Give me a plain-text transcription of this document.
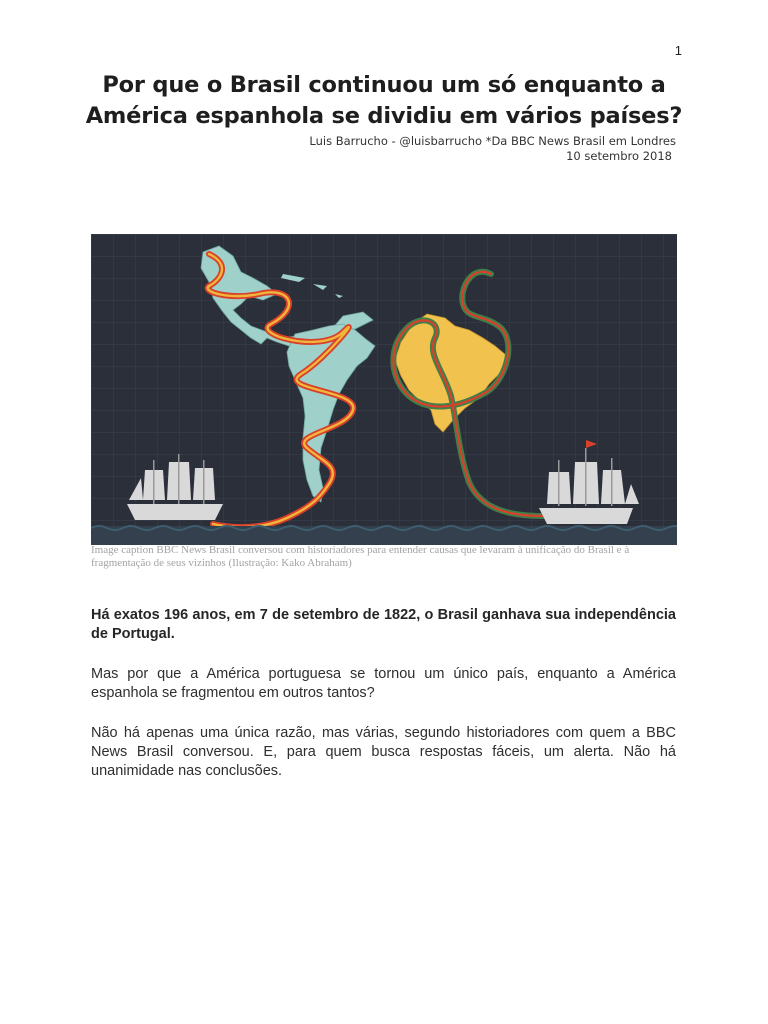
1
Por que o Brasil continuou um só enquanto a
América espanhola se dividiu em vários países?
Luis Barrucho - @luisbarrucho *Da BBC News Brasil em Londres
10 setembro 2018
Image caption BBC News Brasil conversou com historiadores para entender causas que levaram à unificação do Brasil e à fragmentação de seus vizinhos (Ilustração: Kako Abraham)

Há exatos 196 anos, em 7 de setembro de 1822, o Brasil ganhava sua independência de Portugal.

Mas por que a América portuguesa se tornou um único país, enquanto a América espanhola se fragmentou em outros tantos?

Não há apenas uma única razão, mas várias, segundo historiadores com quem a BBC News Brasil conversou. E, para quem busca respostas fáceis, um alerta. Não há unanimidade nas conclusões.
